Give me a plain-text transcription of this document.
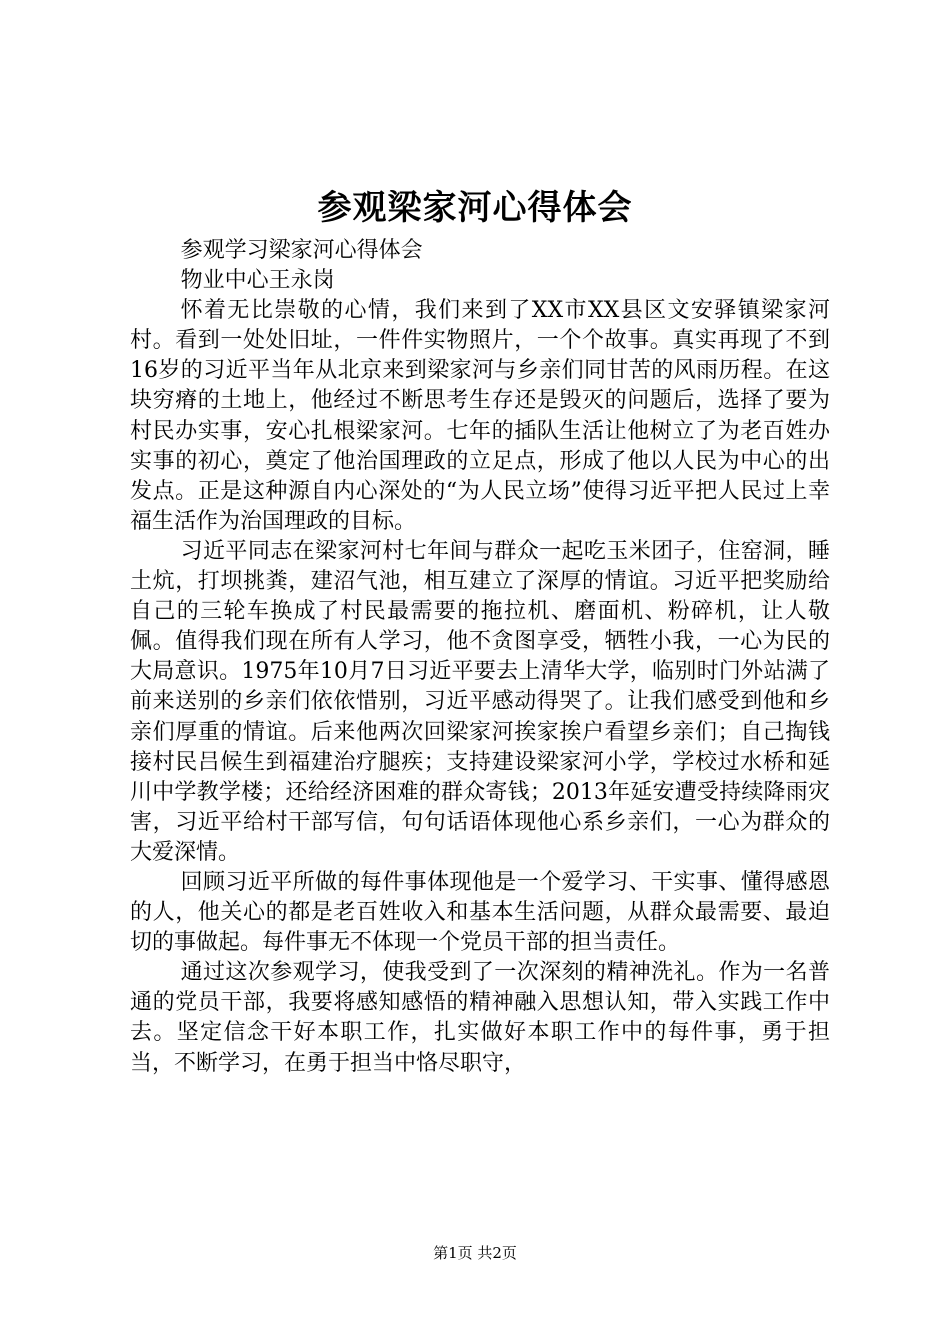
参观梁家河心得体会

参观学习梁家河心得体会

物业中心王永岗

怀着无比崇敬的心情，我们来到了XX市XX县区文安驿镇梁家河村。看到一处处旧址，一件件实物照片，一个个故事。真实再现了不到16岁的习近平当年从北京来到梁家河与乡亲们同甘苦的风雨历程。在这块穷瘠的土地上，他经过不断思考生存还是毁灭的问题后，选择了要为村民办实事，安心扎根梁家河。七年的插队生活让他树立了为老百姓办实事的初心，奠定了他治国理政的立足点，形成了他以人民为中心的出发点。正是这种源自内心深处的“为人民立场”使得习近平把人民过上幸福生活作为治国理政的目标。

习近平同志在梁家河村七年间与群众一起吃玉米团子，住窑洞，睡土炕，打坝挑粪，建沼气池，相互建立了深厚的情谊。习近平把奖励给自己的三轮车换成了村民最需要的拖拉机、磨面机、粉碎机，让人敬佩。值得我们现在所有人学习，他不贪图享受，牺牲小我，一心为民的大局意识。1975年10月7日习近平要去上清华大学，临别时门外站满了前来送别的乡亲们依依惜别，习近平感动得哭了。让我们感受到他和乡亲们厚重的情谊。后来他两次回梁家河挨家挨户看望乡亲们；自己掏钱接村民吕候生到福建治疗腿疾；支持建设梁家河小学，学校过水桥和延川中学教学楼；还给经济困难的群众寄钱；2013年延安遭受持续降雨灾害，习近平给村干部写信，句句话语体现他心系乡亲们，一心为群众的大爱深情。

回顾习近平所做的每件事体现他是一个爱学习、干实事、懂得感恩的人，他关心的都是老百姓收入和基本生活问题，从群众最需要、最迫切的事做起。每件事无不体现一个党员干部的担当责任。

通过这次参观学习，使我受到了一次深刻的精神洗礼。作为一名普通的党员干部，我要将感知感悟的精神融入思想认知，带入实践工作中去。坚定信念干好本职工作，扎实做好本职工作中的每件事，勇于担当，不断学习，在勇于担当中恪尽职守，

第1页 共2页
